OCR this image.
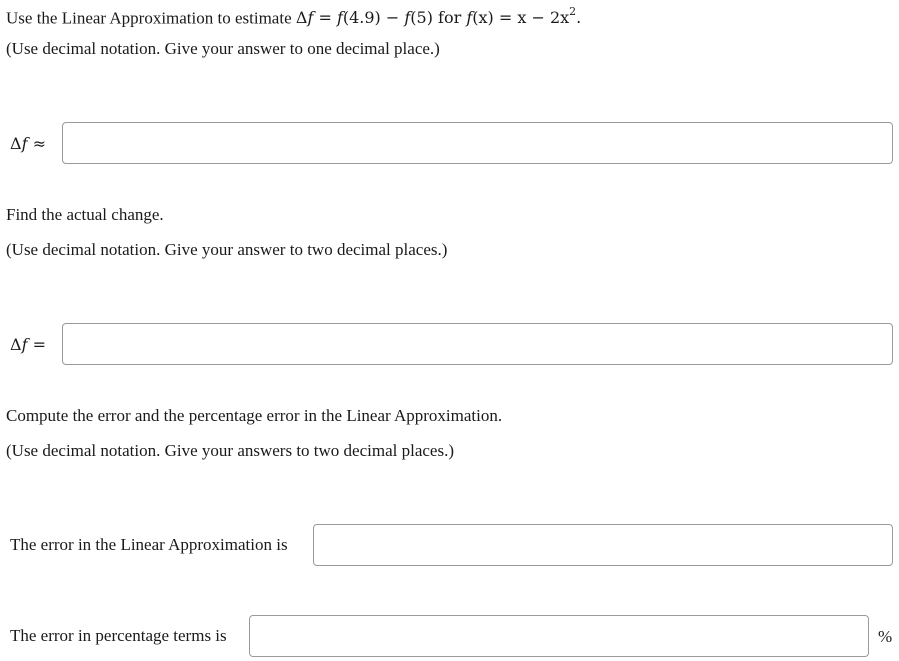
Use the Linear Approximation to estimate Δf = f(4.9) − f(5) for $f(x) = x - 2x^2$.
(Use decimal notation. Give your answer to one decimal place.)
Δf ≈
Find the actual change.
(Use decimal notation. Give your answer to two decimal places.)
Δf =
Compute the error and the percentage error in the Linear Approximation.
(Use decimal notation. Give your answers to two decimal places.)
The error in the Linear Approximation is
The error in percentage terms is	%
